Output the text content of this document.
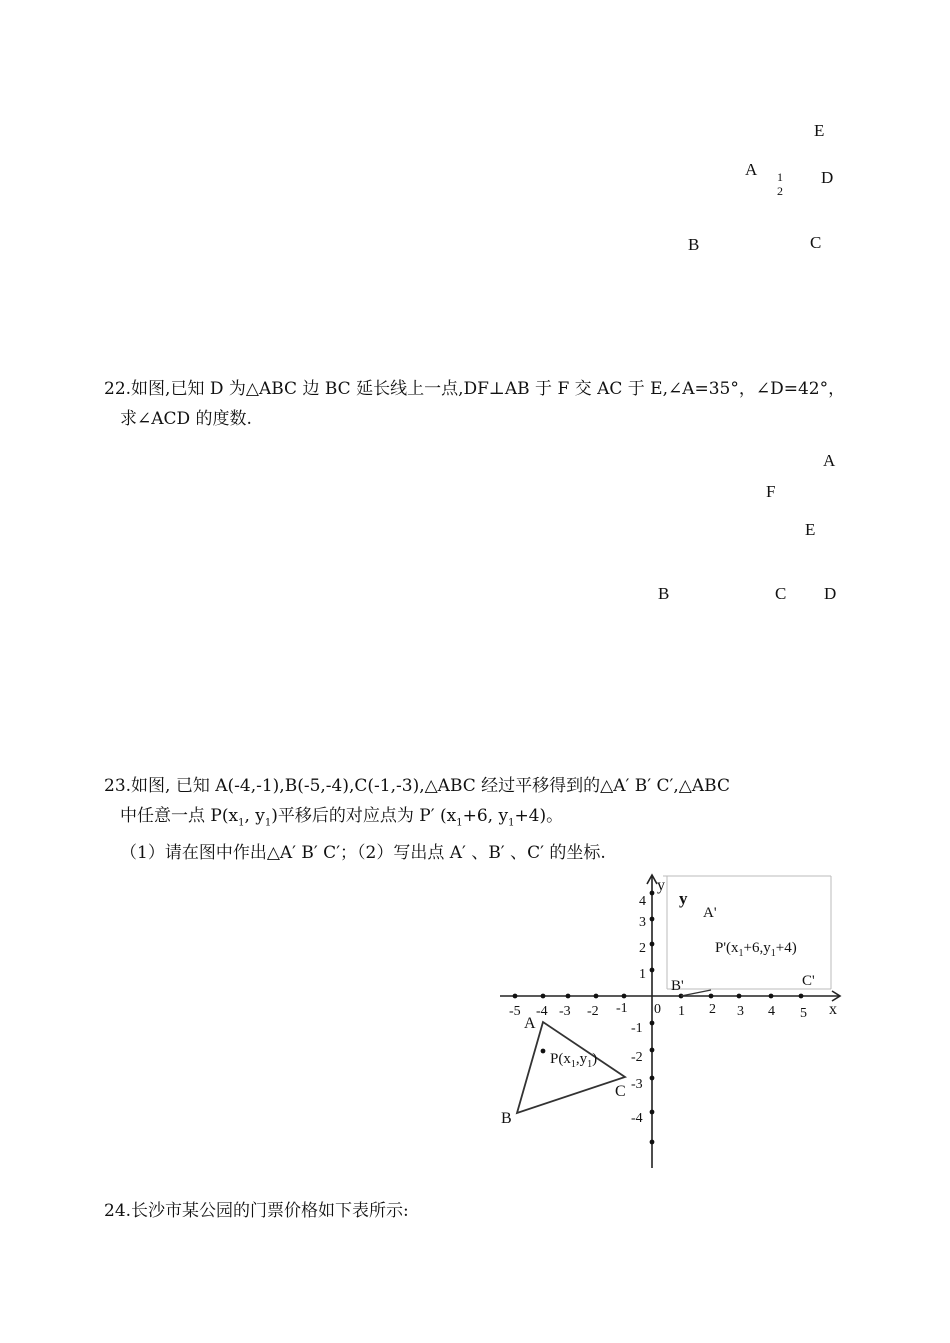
E
A 1
2
D
B	C
22.如图,已知 D 为△ABC 边 BC 延长线上一点,DF⊥AB 于 F 交 AC 于 E,∠A=35°，∠D=42°，
求∠ACD 的度数.
A
F
E
B	C D
23.如图, 已知 A(-4,-1),B(-5,-4),C(-1,-3),△ABC 经过平移得到的△A′ B′ C′,△ABC
中任意一点 $P(x_1$, $y_1$)平移后的对应点为 P′ ($x_1+6$, $y_1+4$)。
（1）请在图中作出△A′ B′ C′；（2）写出点 A′ 、B′ 、C′ 的坐标.
-5 -4 -3 -2 -1	1 2 3 4 5
0
4
3
2
1
-1
-2
-3
-4
x
y
y
A'
B'	C'
A
B
C
$P'(x_1+6,y_1+4)$
$P(x_1,y_1)$
24.长沙市某公园的门票价格如下表所示:
